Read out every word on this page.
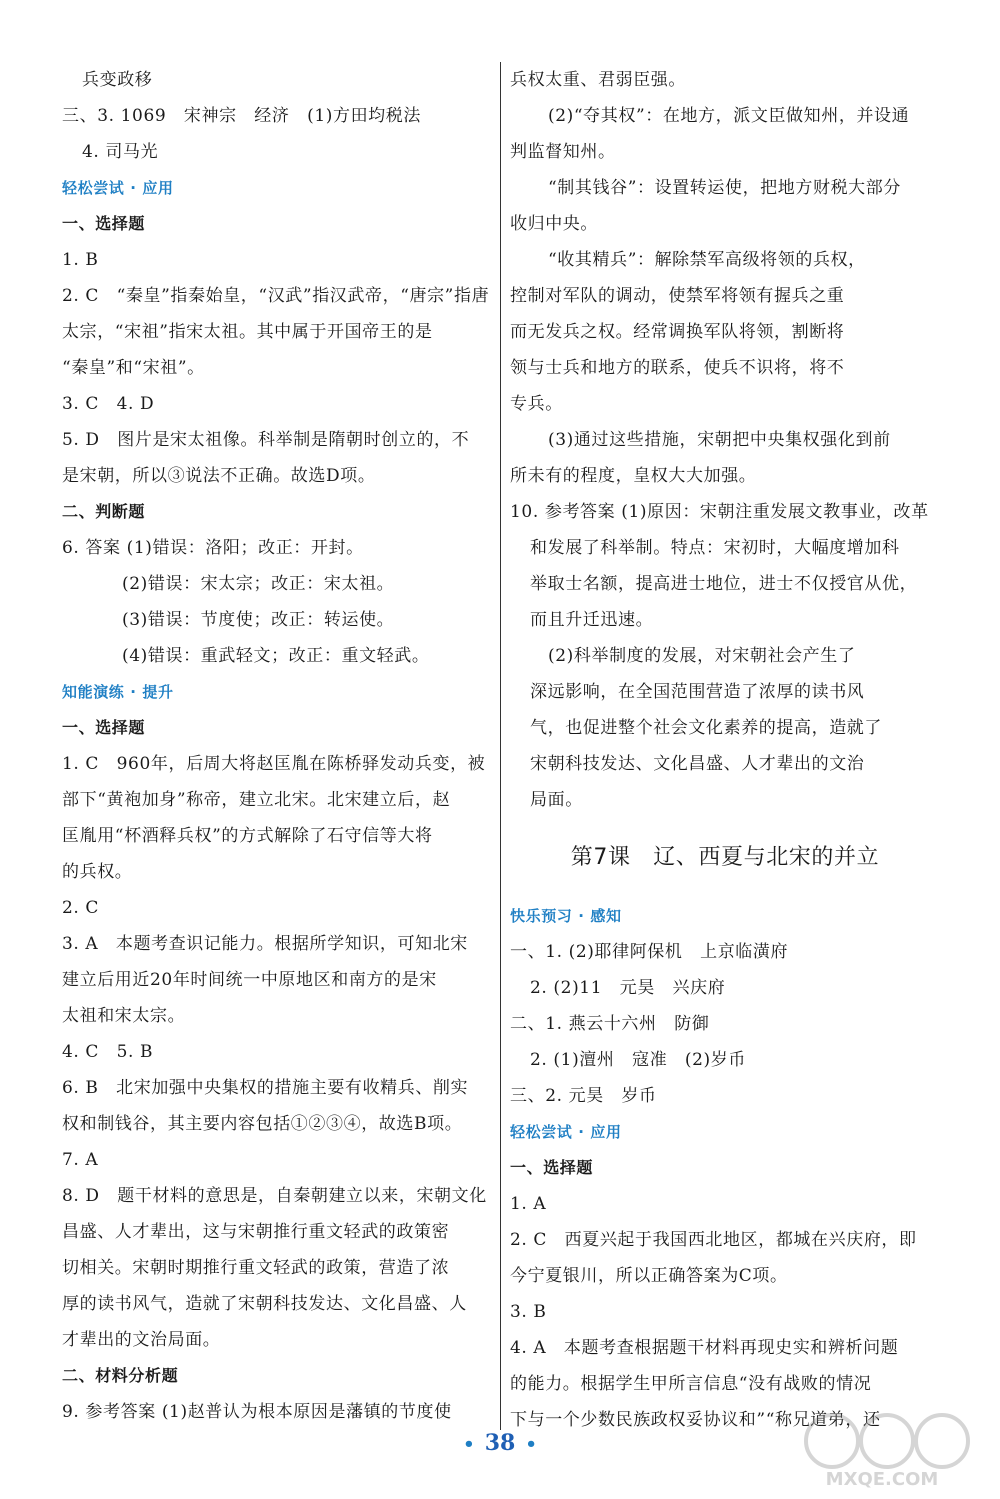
兵变政移
三、3. 1069　宋神宗　经济　(1)方田均税法
4. 司马光
轻松尝试 · 应用
一、选择题
1. B
2. C　“秦皇”指秦始皇，“汉武”指汉武帝，“唐宗”指唐
太宗，“宋祖”指宋太祖。其中属于开国帝王的是
“秦皇”和“宋祖”。
3. C　4. D
5. D　图片是宋太祖像。科举制是隋朝时创立的，不
是宋朝，所以③说法不正确。故选D项。
二、判断题
6. 答案 (1)错误：洛阳；改正：开封。
(2)错误：宋太宗；改正：宋太祖。
(3)错误：节度使；改正：转运使。
(4)错误：重武轻文；改正：重文轻武。
知能演练 · 提升
一、选择题
1. C　960年，后周大将赵匡胤在陈桥驿发动兵变，被
部下“黄袍加身”称帝，建立北宋。北宋建立后，赵
匡胤用“杯酒释兵权”的方式解除了石守信等大将
的兵权。
2. C
3. A　本题考查识记能力。根据所学知识，可知北宋
建立后用近20年时间统一中原地区和南方的是宋
太祖和宋太宗。
4. C　5. B
6. B　北宋加强中央集权的措施主要有收精兵、削实
权和制钱谷，其主要内容包括①②③④，故选B项。
7. A
8. D　题干材料的意思是，自秦朝建立以来，宋朝文化
昌盛、人才辈出，这与宋朝推行重文轻武的政策密
切相关。宋朝时期推行重文轻武的政策，营造了浓
厚的读书风气，造就了宋朝科技发达、文化昌盛、人
才辈出的文治局面。
二、材料分析题
9. 参考答案 (1)赵普认为根本原因是藩镇的节度使
兵权太重、君弱臣强。
(2)“夺其权”：在地方，派文臣做知州，并设通
判监督知州。
“制其钱谷”：设置转运使，把地方财税大部分
收归中央。
“收其精兵”：解除禁军高级将领的兵权，
控制对军队的调动，使禁军将领有握兵之重
而无发兵之权。经常调换军队将领，割断将
领与士兵和地方的联系，使兵不识将，将不
专兵。
(3)通过这些措施，宋朝把中央集权强化到前
所未有的程度，皇权大大加强。
10. 参考答案 (1)原因：宋朝注重发展文教事业，改革
和发展了科举制。特点：宋初时，大幅度增加科
举取士名额，提高进士地位，进士不仅授官从优，
而且升迁迅速。
(2)科举制度的发展，对宋朝社会产生了
深远影响，在全国范围营造了浓厚的读书风
气，也促进整个社会文化素养的提高，造就了
宋朝科技发达、文化昌盛、人才辈出的文治
局面。
第7课　辽、西夏与北宋的并立
快乐预习 · 感知
一、1. (2)耶律阿保机　上京临潢府
2. (2)11　元昊　兴庆府
二、1. 燕云十六州　防御
2. (1)澶州　寇准　(2)岁币
三、2. 元昊　岁币
轻松尝试 · 应用
一、选择题
1. A
2. C　西夏兴起于我国西北地区，都城在兴庆府，即
今宁夏银川，所以正确答案为C项。
3. B
4. A　本题考查根据题干材料再现史实和辨析问题
的能力。根据学生甲所言信息“没有战败的情况
下与一个少数民族政权妥协议和”“称兄道弟，还
• 38 •
MXQE.COM
